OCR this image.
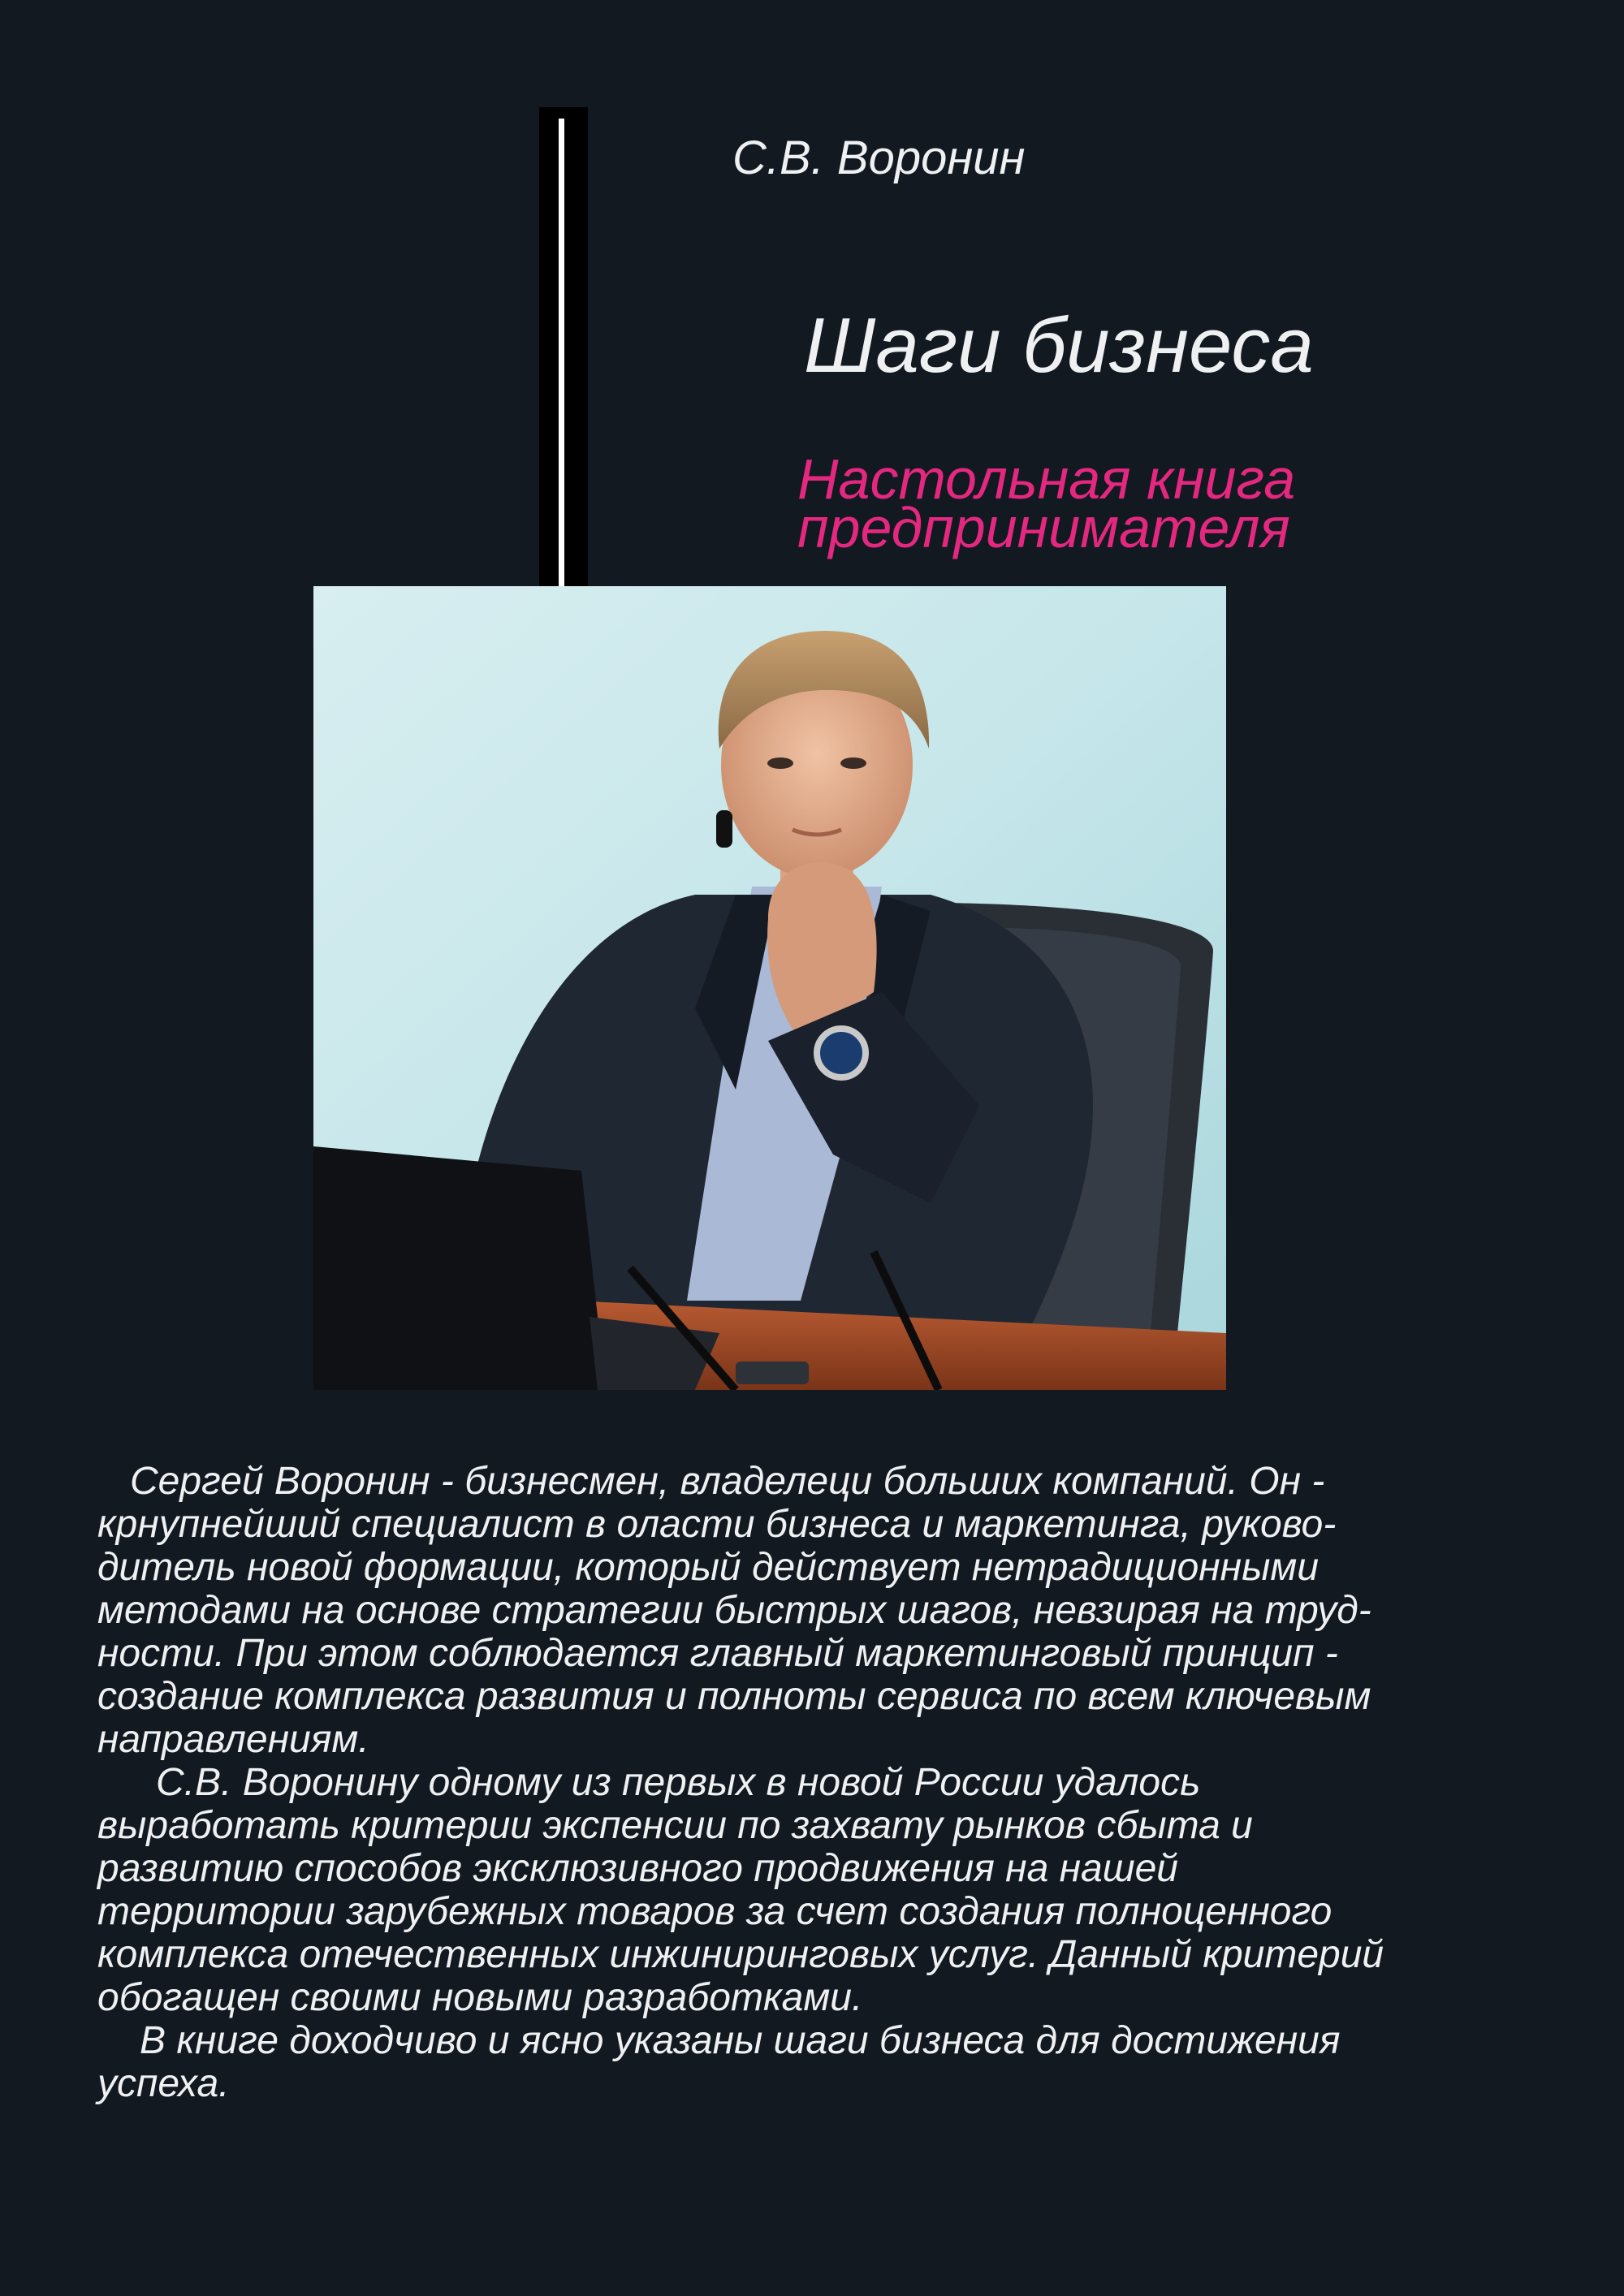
С.В. Воронин
Шаги бизнеса
Настольная книга
предпринимателя
Сергей Воронин - бизнесмен, владелеци больших компаний. Он -
крнупнейший специалист в оласти бизнеса и маркетинга, руково-
дитель новой формации, который действует нетрадиционными
методами на основе стратегии быстрых шагов, невзирая на труд-
ности. При этом соблюдается главный маркетинговый принцип -
создание комплекса развития и полноты сервиса по всем ключевым
направлениям.
С.В. Воронину одному из первых в новой России удалось
выработать критерии экспенсии по захвату рынков сбыта и
развитию способов эксклюзивного продвижения на нашей
территории зарубежных товаров за счет создания полноценного
комплекса отечественных инжиниринговых услуг. Данный критерий
обогащен своими новыми разработками.
В книге доходчиво и ясно указаны шаги бизнеса для достижения
успеха.
